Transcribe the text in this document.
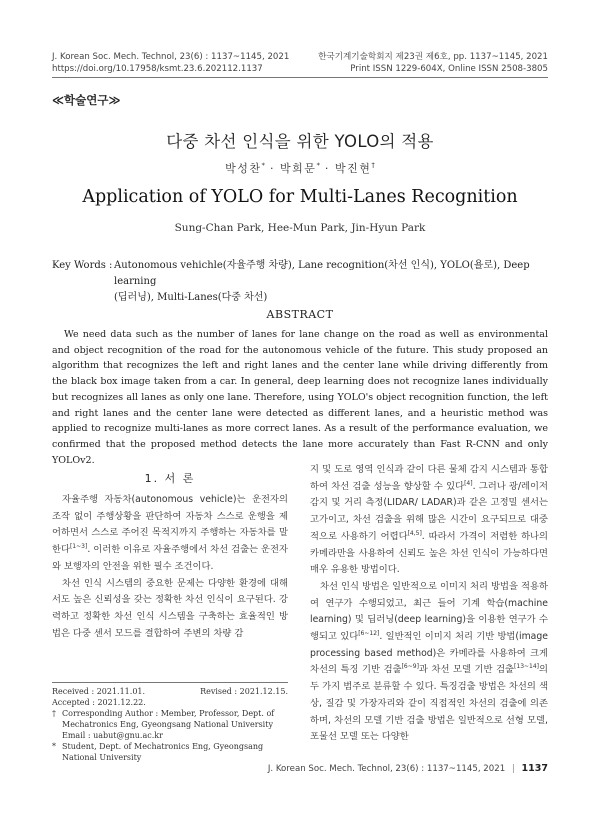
J. Korean Soc. Mech. Technol, 23(6) : 1137~1145, 2021
https://doi.org/10.17958/ksmt.23.6.202112.1137
한국기계기술학회지 제23권 제6호, pp. 1137~1145, 2021
Print ISSN 1229-604X, Online ISSN 2508-3805
≪학술연구≫
다중 차선 인식을 위한 YOLO의 적용
박성찬* · 박희문* · 박진현†
Application of YOLO for Multi-Lanes Recognition
Sung-Chan Park, Hee-Mun Park, Jin-Hyun Park
Key Words : Autonomous vehichle(자율주행 차량), Lane recognition(차선 인식), YOLO(욜로), Deep learning
(딥러닝), Multi-Lanes(다중 차선)
ABSTRACT

We need data such as the number of lanes for lane change on the road as well as environmental and object recognition of the road for the autonomous vehicle of the future. This study proposed an algorithm that recognizes the left and right lanes and the center lane while driving differently from the black box image taken from a car. In general, deep learning does not recognize lanes individually but recognizes all lanes as only one lane. Therefore, using YOLO's object recognition function, the left and right lanes and the center lane were detected as different lanes, and a heuristic method was applied to recognize multi-lanes as more correct lanes. As a result of the performance evaluation, we confirmed that the proposed method detects the lane more accurately than Fast R-CNN and only YOLOv2.

1. 서 론

자율주행 자동차(autonomous vehicle)는 운전자의 조작 없이 주행상황을 판단하여 자동차 스스로 운행을 제어하면서 스스로 주어진 목적지까지 주행하는 자동차를 말한다[1~3]. 이러한 이유로 자율주행에서 차선 검출는 운전자와 보행자의 안전을 위한 필수 조건이다.

차선 인식 시스템의 중요한 문제는 다양한 환경에 대해서도 높은 신뢰성을 갖는 정확한 차선 인식이 요구된다. 강력하고 정확한 차선 인식 시스템을 구축하는 효율적인 방법은 다중 센서 모드를 결합하여 주변의 차량 감

Received : 2021.11.01.	Revised : 2021.12.15.
Accepted : 2021.12.22.
† Corresponding Author : Member, Professor, Dept. of Mechatronics Eng, Gyeongsang National University
Email : uabut@gnu.ac.kr
* Student, Dept. of Mechatronics Eng, Gyeongsang National University

지 및 도로 영역 인식과 같이 다른 물체 감지 시스템과 통합하여 차선 검출 성능을 향상할 수 있다[4]. 그러나 광/레이저 감지 및 거리 측정(LIDAR/ LADAR)과 같은 고정밀 센서는 고가이고, 차선 검출을 위해 많은 시간이 요구되므로 대중적으로 사용하기 어렵다[4,5]. 따라서 가격이 저렴한 하나의 카메라만을 사용하여 신뢰도 높은 차선 인식이 가능하다면 매우 유용한 방법이다.

차선 인식 방법은 일반적으로 이미지 처리 방법을 적용하여 연구가 수행되었고, 최근 들어 기계 학습(machine learning) 및 딥러닝(deep learning)을 이용한 연구가 수행되고 있다[6~12]. 일반적인 이미지 처리 기반 방법(image processing based method)은 카메라를 사용하여 크게 차선의 특징 기반 검출[6~9]과 차선 모델 기반 검출[13~14]의 두 가지 범주로 분류할 수 있다. 특징검출 방법은 차선의 색상, 질감 및 가장자리와 같이 직접적인 차선의 검출에 의존하며, 차선의 모델 기반 검출 방법은 일반적으로 선형 모델, 포물선 모델 또는 다양한

J. Korean Soc. Mech. Technol, 23(6) : 1137~1145, 2021 | 1137
